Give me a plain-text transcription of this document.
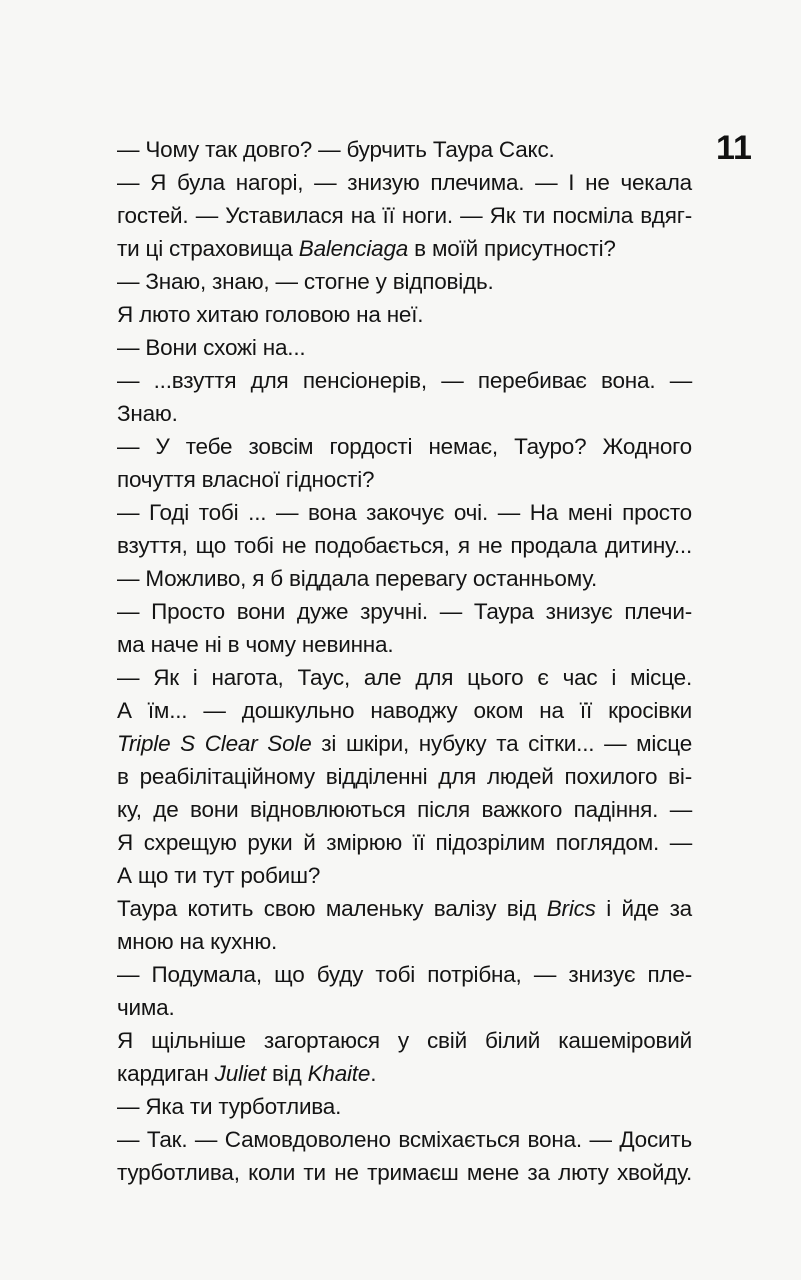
11
— Чому так довго? — бурчить Таура Сакс.
— Я була нагорі, — знизую плечима. — І не чекала
гостей. — Уставилася на її ноги. — Як ти посміла вдяг-
ти ці страховища Balenciaga в моїй присутності?
— Знаю, знаю, — стогне у відповідь.
Я люто хитаю головою на неї.
— Вони схожі на...
— ...взуття для пенсіонерів, — перебиває вона. —
Знаю.
— У тебе зовсім гордості немає, Тауро? Жодного
почуття власної гідності?
— Годі тобі ... — вона закочує очі. — На мені просто
взуття, що тобі не подобається, я не продала дитину...
— Можливо, я б віддала перевагу останньому.
— Просто вони дуже зручні. — Таура знизує плечи-
ма наче ні в чому невинна.
— Як і нагота, Таус, але для цього є час і місце.
А їм... — дошкульно наводжу оком на її кросівки
Triple S Clear Sole зі шкіри, нубуку та сітки... — місце
в реабілітаційному відділенні для людей похилого ві-
ку, де вони відновлюються після важкого падіння. —
Я схрещую руки й змірюю її підозрілим поглядом. —
А що ти тут робиш?
Таура котить свою маленьку валізу від Brics і йде за
мною на кухню.
— Подумала, що буду тобі потрібна, — знизує пле-
чима.
Я щільніше загортаюся у свій білий кашеміровий
кардиган Juliet від Khaite.
— Яка ти турботлива.
— Так. — Самовдоволено всміхається вона. — Досить
турботлива, коли ти не тримаєш мене за люту хвойду.
